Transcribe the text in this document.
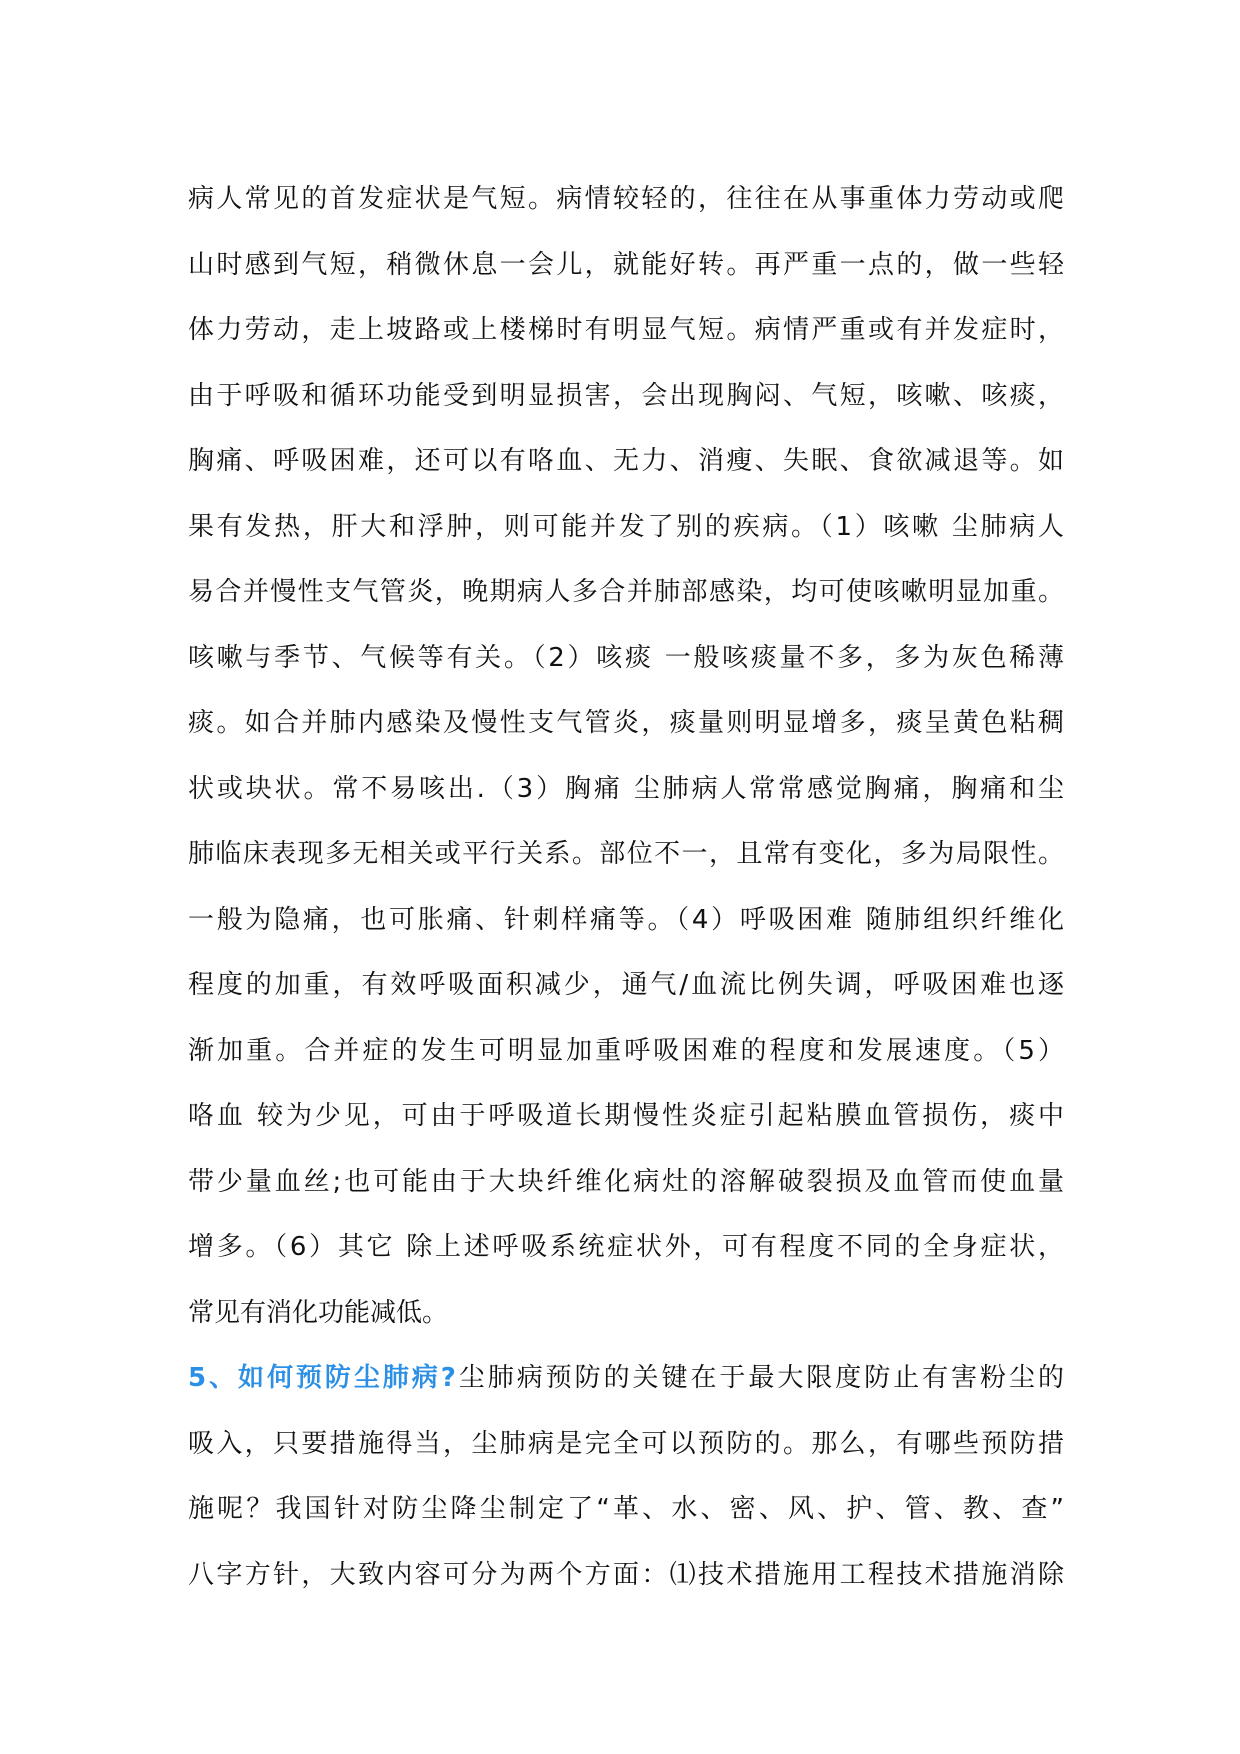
病人常见的首发症状是气短。病情较轻的，往往在从事重体力劳动或爬
山时感到气短，稍微休息一会儿，就能好转。再严重一点的，做一些轻
体力劳动，走上坡路或上楼梯时有明显气短。病情严重或有并发症时，
由于呼吸和循环功能受到明显损害，会出现胸闷、气短，咳嗽、咳痰，
胸痛、呼吸困难，还可以有咯血、无力、消瘦、失眠、食欲减退等。如
果有发热，肝大和浮肿，则可能并发了别的疾病。（1）咳嗽 尘肺病人
易合并慢性支气管炎，晚期病人多合并肺部感染，均可使咳嗽明显加重。
咳嗽与季节、气候等有关。（2）咳痰 一般咳痰量不多，多为灰色稀薄
痰。如合并肺内感染及慢性支气管炎，痰量则明显增多，痰呈黄色粘稠
状或块状。常不易咳出.（3）胸痛 尘肺病人常常感觉胸痛，胸痛和尘
肺临床表现多无相关或平行关系。部位不一，且常有变化，多为局限性。
一般为隐痛，也可胀痛、针刺样痛等。（4）呼吸困难 随肺组织纤维化
程度的加重，有效呼吸面积减少，通气/血流比例失调，呼吸困难也逐
渐加重。合并症的发生可明显加重呼吸困难的程度和发展速度。（5）
咯血 较为少见，可由于呼吸道长期慢性炎症引起粘膜血管损伤，痰中
带少量血丝;也可能由于大块纤维化病灶的溶解破裂损及血管而使血量
增多。（6）其它 除上述呼吸系统症状外，可有程度不同的全身症状，
常见有消化功能减低。
5、如何预防尘肺病?尘肺病预防的关键在于最大限度防止有害粉尘的
吸入，只要措施得当，尘肺病是完全可以预防的。那么，有哪些预防措
施呢？我国针对防尘降尘制定了“革、水、密、风、护、管、教、查”
八字方针，大致内容可分为两个方面：⑴技术措施用工程技术措施消除
